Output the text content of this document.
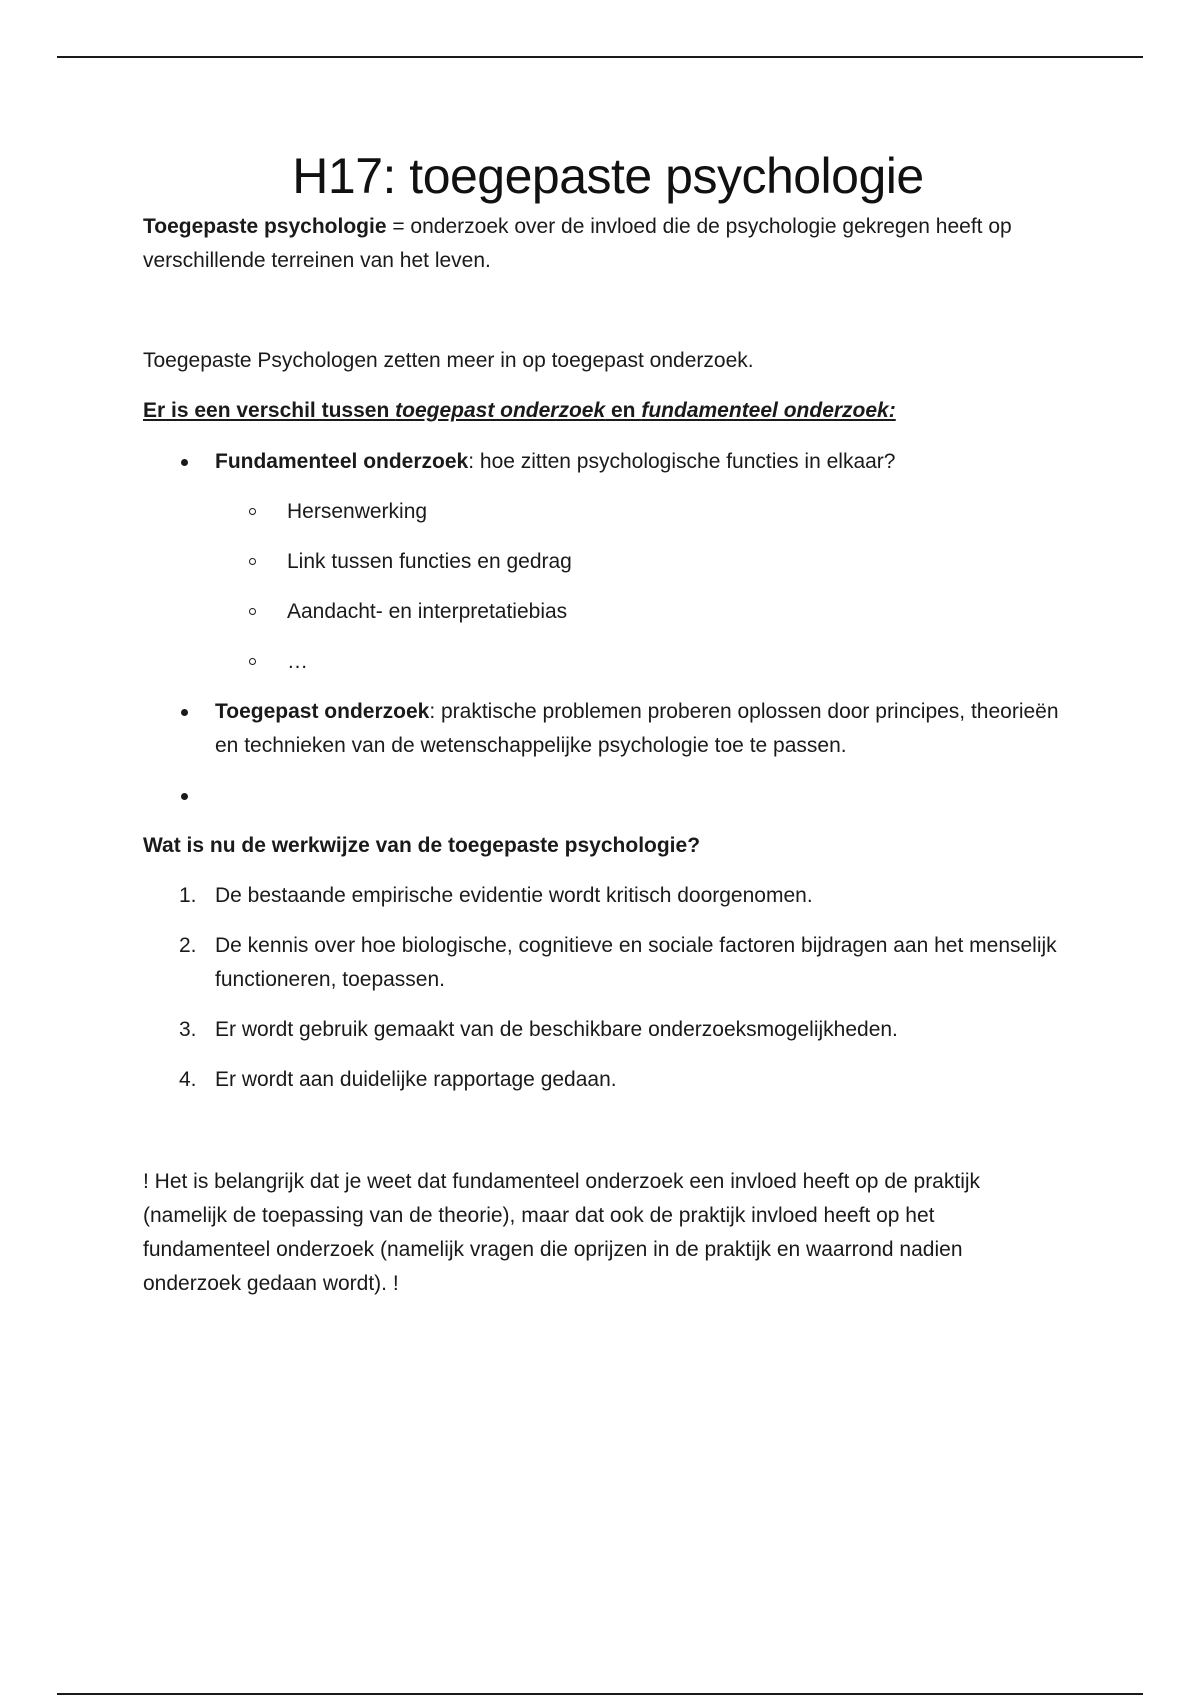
H17: toegepaste psychologie

Toegepaste psychologie = onderzoek over de invloed die de psychologie gekregen heeft op verschillende terreinen van het leven.

Toegepaste Psychologen zetten meer in op toegepast onderzoek.

Er is een verschil tussen toegepast onderzoek en fundamenteel onderzoek:

Fundamenteel onderzoek: hoe zitten psychologische functies in elkaar?
Hersenwerking
Link tussen functies en gedrag
Aandacht- en interpretatiebias
…
Toegepast onderzoek: praktische problemen proberen oplossen door principes, theorieën en technieken van de wetenschappelijke psychologie toe te passen.

Wat is nu de werkwijze van de toegepaste psychologie?

1. De bestaande empirische evidentie wordt kritisch doorgenomen.
2. De kennis over hoe biologische, cognitieve en sociale factoren bijdragen aan het menselijk functioneren, toepassen.
3. Er wordt gebruik gemaakt van de beschikbare onderzoeksmogelijkheden.
4. Er wordt aan duidelijke rapportage gedaan.

! Het is belangrijk dat je weet dat fundamenteel onderzoek een invloed heeft op de praktijk (namelijk de toepassing van de theorie), maar dat ook de praktijk invloed heeft op het fundamenteel onderzoek (namelijk vragen die oprijzen in de praktijk en waarrond nadien onderzoek gedaan wordt). !
